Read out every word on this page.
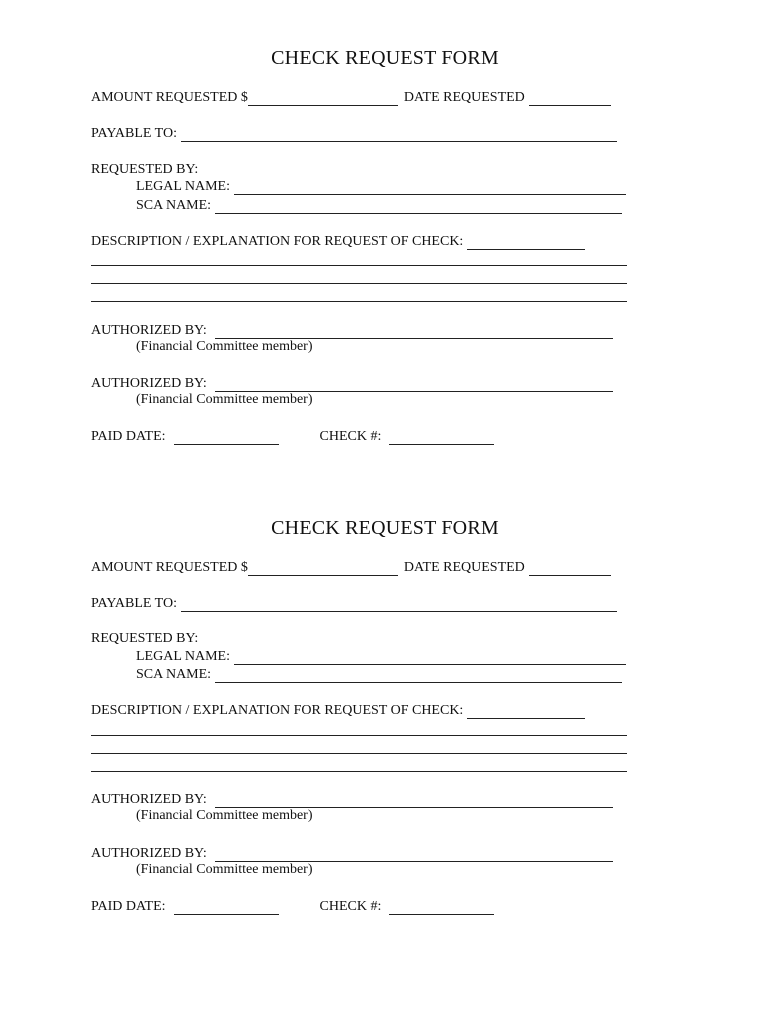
CHECK REQUEST FORM
AMOUNT REQUESTED $	DATE REQUESTED
PAYABLE TO:
REQUESTED BY:
LEGAL NAME:
SCA NAME:
DESCRIPTION / EXPLANATION FOR REQUEST OF CHECK:
AUTHORIZED BY:
(Financial Committee member)
AUTHORIZED BY:
(Financial Committee member)
PAID DATE:	CHECK #:
CHECK REQUEST FORM
AMOUNT REQUESTED $	DATE REQUESTED
PAYABLE TO:
REQUESTED BY:
LEGAL NAME:
SCA NAME:
DESCRIPTION / EXPLANATION FOR REQUEST OF CHECK:
AUTHORIZED BY:
(Financial Committee member)
AUTHORIZED BY:
(Financial Committee member)
PAID DATE:	CHECK #:
